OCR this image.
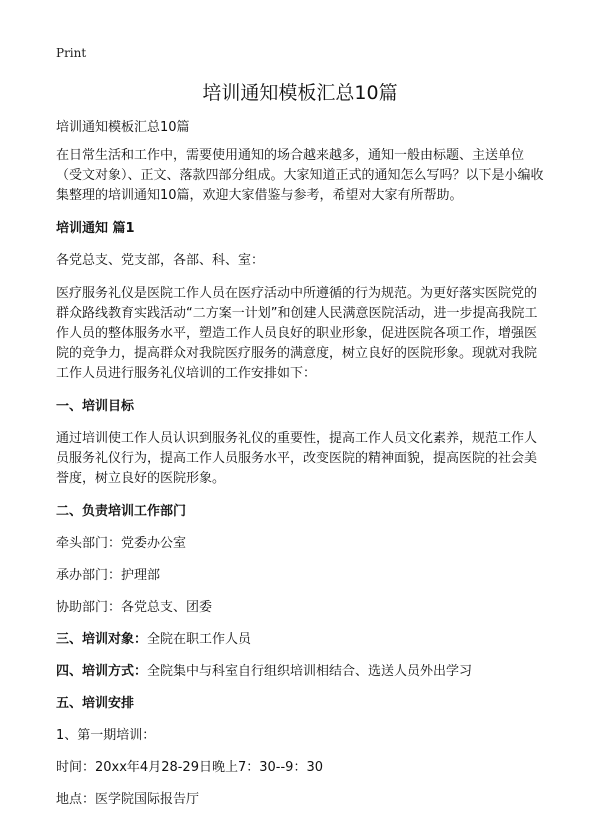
Print
培训通知模板汇总10篇

培训通知模板汇总10篇

在日常生活和工作中，需要使用通知的场合越来越多，通知一般由标题、主送单位（受文对象）、正文、落款四部分组成。大家知道正式的通知怎么写吗？以下是小编收集整理的培训通知10篇，欢迎大家借鉴与参考，希望对大家有所帮助。

培训通知 篇1

各党总支、党支部，各部、科、室：

医疗服务礼仪是医院工作人员在医疗活动中所遵循的行为规范。为更好落实医院党的群众路线教育实践活动“二方案一计划”和创建人民满意医院活动，进一步提高我院工作人员的整体服务水平，塑造工作人员良好的职业形象，促进医院各项工作，增强医院的竞争力，提高群众对我院医疗服务的满意度，树立良好的医院形象。现就对我院工作人员进行服务礼仪培训的工作安排如下：

一、培训目标

通过培训使工作人员认识到服务礼仪的重要性，提高工作人员文化素养，规范工作人员服务礼仪行为，提高工作人员服务水平，改变医院的精神面貌，提高医院的社会美誉度，树立良好的医院形象。

二、负责培训工作部门

牵头部门：党委办公室

承办部门：护理部

协助部门：各党总支、团委

三、培训对象：全院在职工作人员

四、培训方式：全院集中与科室自行组织培训相结合、选送人员外出学习

五、培训安排

1、第一期培训：

时间：20xx年4月28-29日晚上7：30--9：30

地点：医学院国际报告厅
